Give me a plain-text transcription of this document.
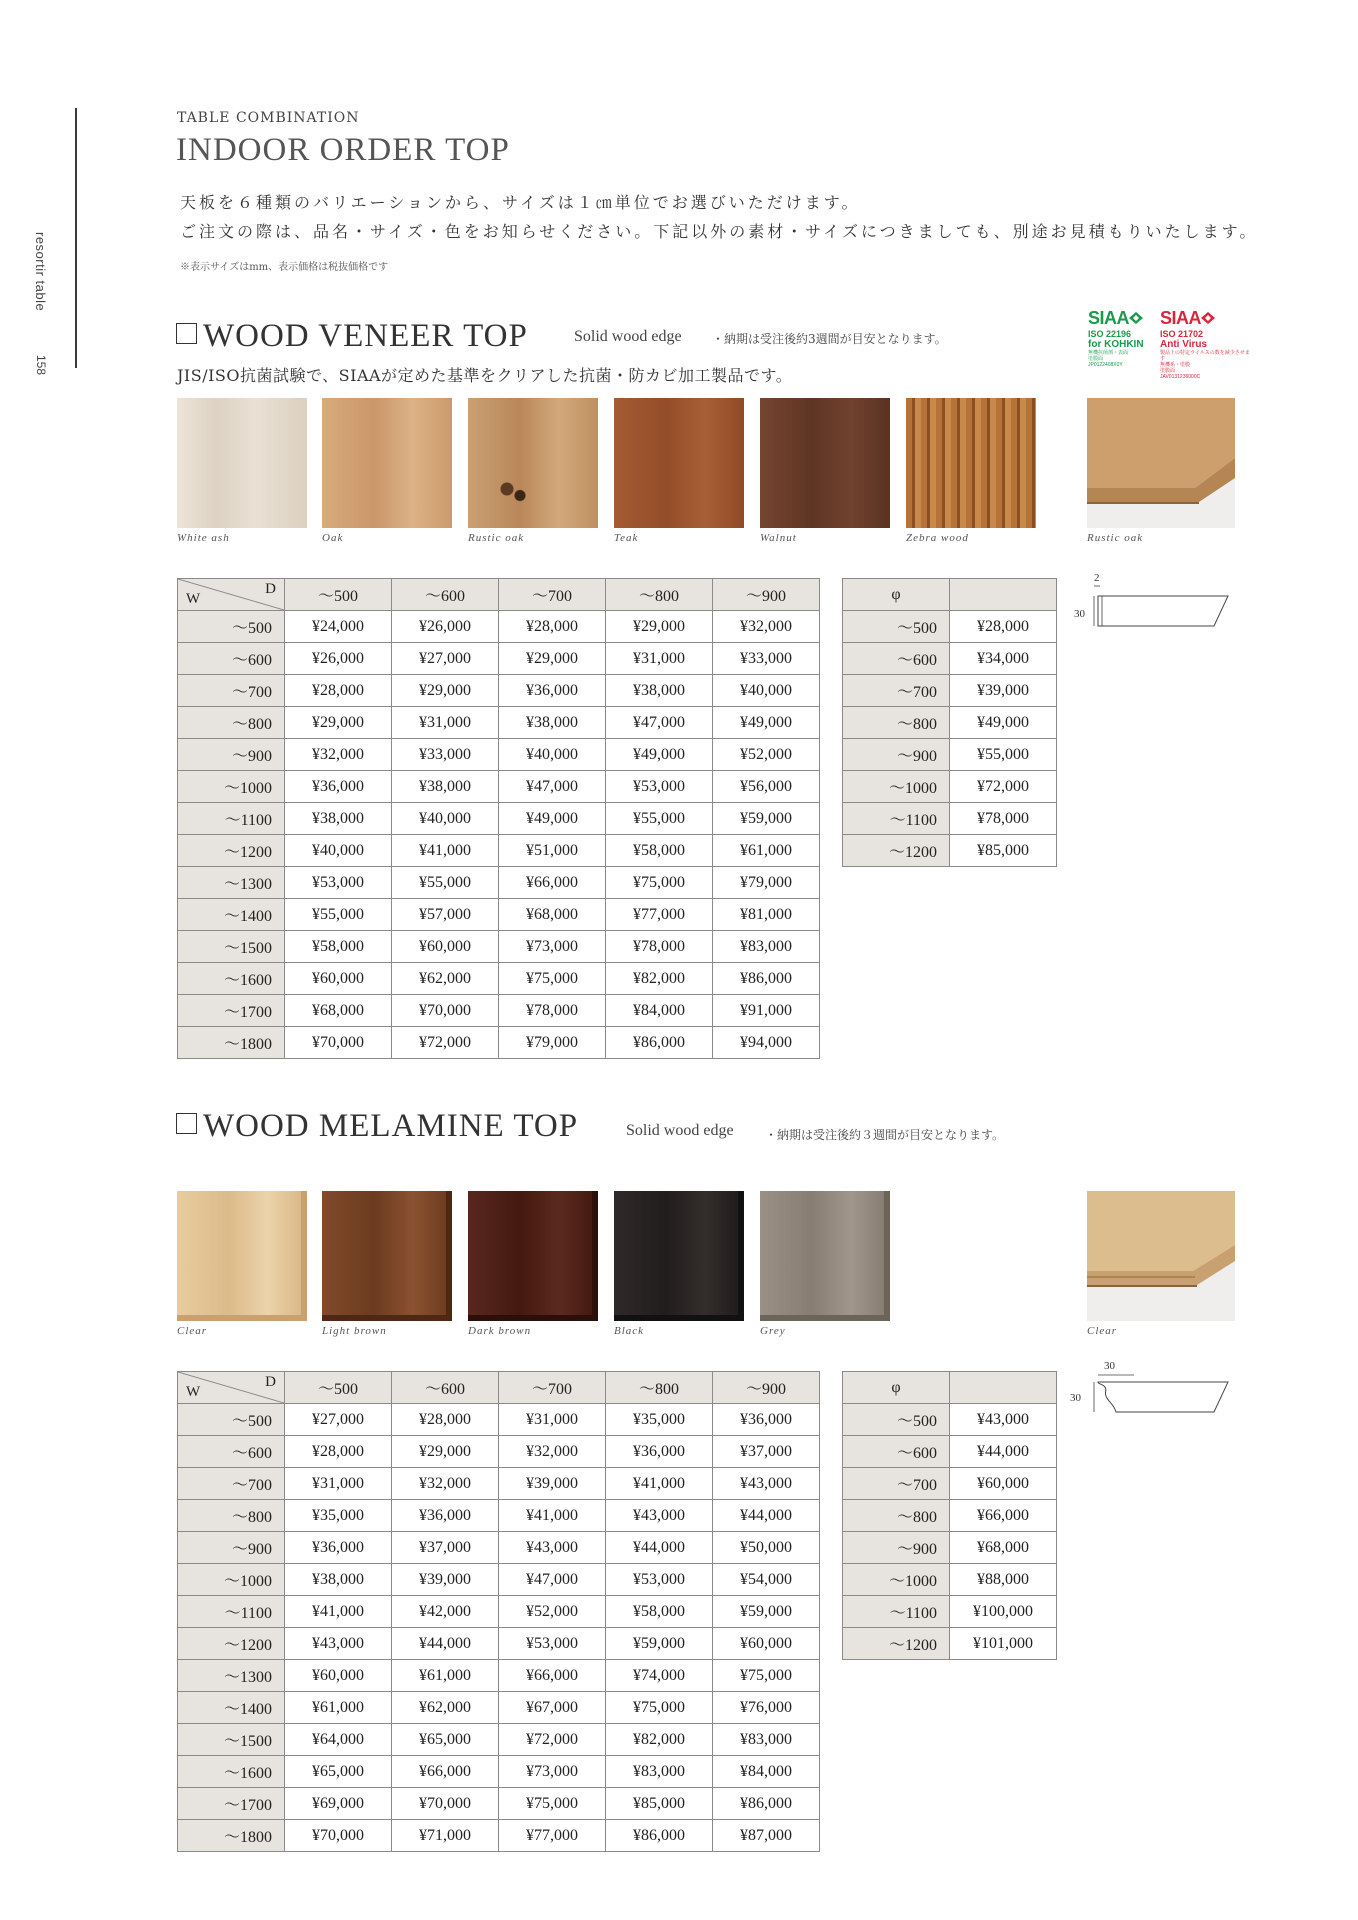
resortir table
158
TABLE COMBINATION
INDOOR ORDER TOP
天板を６種類のバリエーションから、サイズは１㎝単位でお選びいただけます。
ご注文の際は、品名・サイズ・色をお知らせください。下記以外の素材・サイズにつきましても、別途お見積もりいたします。
※表示サイズはmm、表示価格は税抜価格です
WOOD VENEER TOP	Solid wood edge	・納期は受注後約3週間が目安となります。
JIS/ISO抗菌試験で、SIAAが定めた基準をクリアした抗菌・防カビ加工製品です。
SIAA
ISO 22196
for KOHKIN
無機抗菌剤・表面
塗膜面
JP0122408X0Y
SIAA
ISO 21702
Anti Virus
製品上の特定ウイルスの数を減少させます
無機系・塗膜
塗膜面
JAV0131236000C
White ash	Oak	Rustic oak	Teak	Walnut	Zebra wood	Rustic oak
W
D	～500	～600	～700	～800	～900
～500	¥24,000	¥26,000	¥28,000	¥29,000	¥32,000
～600	¥26,000	¥27,000	¥29,000	¥31,000	¥33,000
～700	¥28,000	¥29,000	¥36,000	¥38,000	¥40,000
～800	¥29,000	¥31,000	¥38,000	¥47,000	¥49,000
～900	¥32,000	¥33,000	¥40,000	¥49,000	¥52,000
～1000	¥36,000	¥38,000	¥47,000	¥53,000	¥56,000
～1100	¥38,000	¥40,000	¥49,000	¥55,000	¥59,000
～1200	¥40,000	¥41,000	¥51,000	¥58,000	¥61,000
～1300	¥53,000	¥55,000	¥66,000	¥75,000	¥79,000
～1400	¥55,000	¥57,000	¥68,000	¥77,000	¥81,000
～1500	¥58,000	¥60,000	¥73,000	¥78,000	¥83,000
～1600	¥60,000	¥62,000	¥75,000	¥82,000	¥86,000
～1700	¥68,000	¥70,000	¥78,000	¥84,000	¥91,000
～1800	¥70,000	¥72,000	¥79,000	¥86,000	¥94,000
φ	
～500	¥28,000
～600	¥34,000
～700	¥39,000
～800	¥49,000
～900	¥55,000
～1000	¥72,000
～1100	¥78,000
～1200	¥85,000
2
30
WOOD MELAMINE TOP	Solid wood edge	・納期は受注後約３週間が目安となります。
Clear	Light brown	Dark brown	Black	Grey	Clear
W
D	～500	～600	～700	～800	～900
～500	¥27,000	¥28,000	¥31,000	¥35,000	¥36,000
～600	¥28,000	¥29,000	¥32,000	¥36,000	¥37,000
～700	¥31,000	¥32,000	¥39,000	¥41,000	¥43,000
～800	¥35,000	¥36,000	¥41,000	¥43,000	¥44,000
～900	¥36,000	¥37,000	¥43,000	¥44,000	¥50,000
～1000	¥38,000	¥39,000	¥47,000	¥53,000	¥54,000
～1100	¥41,000	¥42,000	¥52,000	¥58,000	¥59,000
～1200	¥43,000	¥44,000	¥53,000	¥59,000	¥60,000
～1300	¥60,000	¥61,000	¥66,000	¥74,000	¥75,000
～1400	¥61,000	¥62,000	¥67,000	¥75,000	¥76,000
～1500	¥64,000	¥65,000	¥72,000	¥82,000	¥83,000
～1600	¥65,000	¥66,000	¥73,000	¥83,000	¥84,000
～1700	¥69,000	¥70,000	¥75,000	¥85,000	¥86,000
～1800	¥70,000	¥71,000	¥77,000	¥86,000	¥87,000
φ	
～500	¥43,000
～600	¥44,000
～700	¥60,000
～800	¥66,000
～900	¥68,000
～1000	¥88,000
～1100	¥100,000
～1200	¥101,000
30
30
